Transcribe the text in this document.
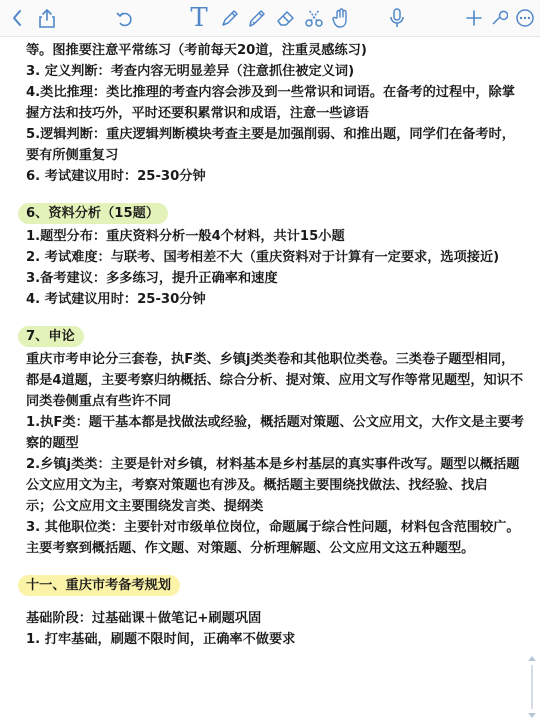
T
等。图推要注意平常练习（考前每天20道，注重灵感练习)
3. 定义判断：考查内容无明显差异（注意抓住被定义词)
4.类比推理：类比推理的考查内容会涉及到一些常识和词语。在备考的过程中，除掌握方法和技巧外，平时还要积累常识和成语，注意一些谚语
5.逻辑判断：重庆逻辑判断模块考查主要是加强削弱、和推出题，同学们在备考时，要有所侧重复习
6. 考试建议用时：25-30分钟
6、资料分析（15题）
1.题型分布：重庆资料分析一般4个材料，共计15小题
2. 考试难度：与联考、国考相差不大（重庆资料对于计算有一定要求，选项接近)
3.备考建议：多多练习，提升正确率和速度
4. 考试建议用时：25-30分钟
7、申论
重庆市考申论分三套卷，执F类、乡镇j类类卷和其他职位类卷。三类卷子题型相同，都是4道题，主要考察归纳概括、综合分析、提对策、应用文写作等常见题型，知识不同类卷侧重点有些许不同
1.执F类：题干基本都是找做法或经验，概括题对策题、公文应用文，大作文是主要考察的题型
2.乡镇j类类：主要是针对乡镇，材料基本是乡村基层的真实事件改写。题型以概括题公文应用文为主，考察对策题也有涉及。概括题主要围绕找做法、找经验、找启
示；公文应用文主要围绕发言类、提纲类
3. 其他职位类：主要针对市级单位岗位，命题属于综合性问题，材料包含范围较广。主要考察到概括题、作文题、对策题、分析理解题、公文应用文这五种题型。
十一、重庆市考备考规划
基础阶段：过基础课＋做笔记+刷题巩固
1. 打牢基础，刷题不限时间，正确率不做要求
